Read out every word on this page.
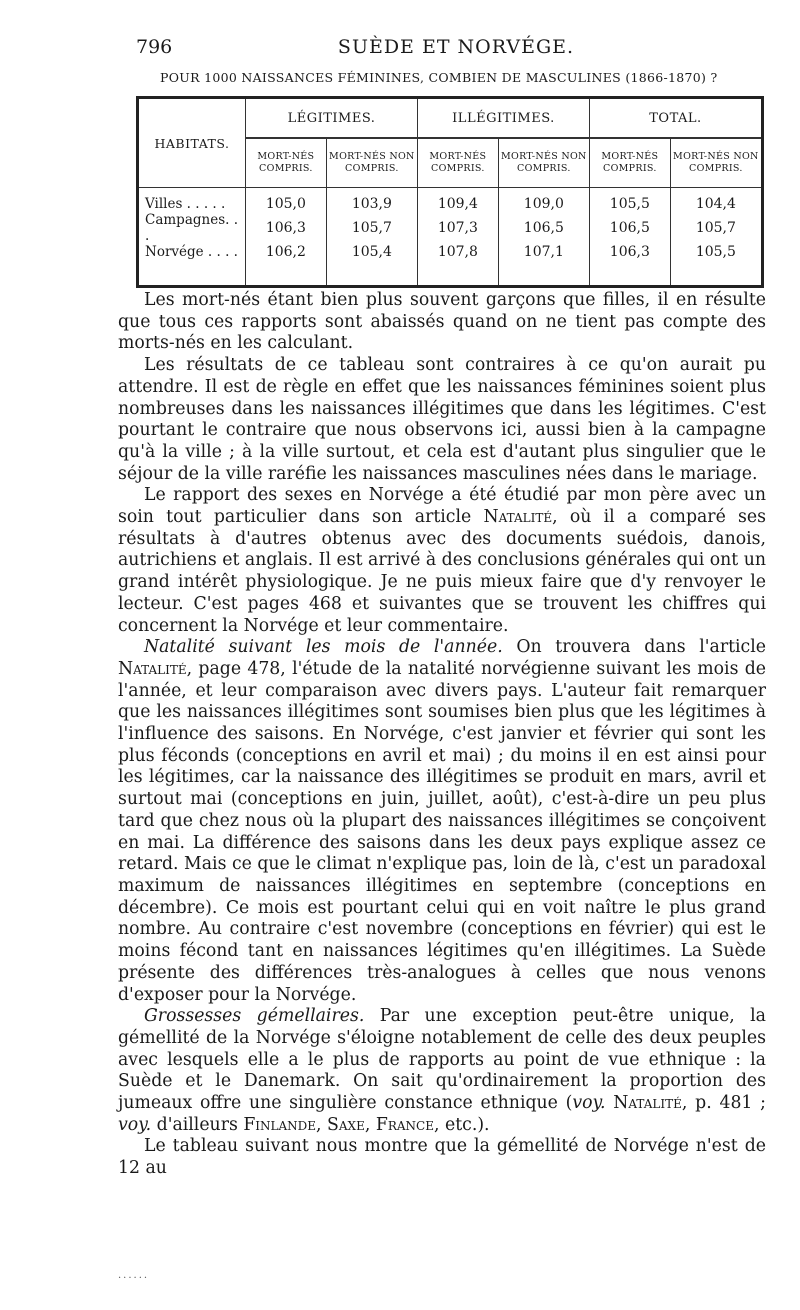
796	SUÈDE ET NORVÉGE.
POUR 1000 NAISSANCES FÉMININES, COMBIEN DE MASCULINES (1866-1870) ?
HABITATS.	LÉGITIMES.		ILLÉGITIMES.		TOTAL.	
	MORT-NÉS COMPRIS.	MORT-NÉS NON COMPRIS.	MORT-NÉS COMPRIS.	MORT-NÉS NON COMPRIS.	MORT-NÉS COMPRIS.	MORT-NÉS NON COMPRIS.

Villes . . . . .	105,0	103,9	109,4	109,0	105,5	104,4
Campagnes. . .	106,3	105,7	107,3	106,5	106,5	105,7
Norvége . . . .	106,2	105,4	107,8	107,1	106,3	105,5

Les mort-nés étant bien plus souvent garçons que filles, il en résulte que tous ces rapports sont abaissés quand on ne tient pas compte des morts-nés en les calculant.

Les résultats de ce tableau sont contraires à ce qu'on aurait pu attendre. Il est de règle en effet que les naissances féminines soient plus nombreuses dans les naissances illégitimes que dans les légitimes. C'est pourtant le contraire que nous observons ici, aussi bien à la campagne qu'à la ville ; à la ville surtout, et cela est d'autant plus singulier que le séjour de la ville raréfie les naissances masculines nées dans le mariage.

Le rapport des sexes en Norvége a été étudié par mon père avec un soin tout particulier dans son article Natalité, où il a comparé ses résultats à d'autres obtenus avec des documents suédois, danois, autrichiens et anglais. Il est arrivé à des conclusions générales qui ont un grand intérêt physiologique. Je ne puis mieux faire que d'y renvoyer le lecteur. C'est pages 468 et suivantes que se trouvent les chiffres qui concernent la Norvége et leur commentaire.

Natalité suivant les mois de l'année. On trouvera dans l'article Natalité, page 478, l'étude de la natalité norvégienne suivant les mois de l'année, et leur comparaison avec divers pays. L'auteur fait remarquer que les naissances illégitimes sont soumises bien plus que les légitimes à l'influence des saisons. En Norvége, c'est janvier et février qui sont les plus féconds (conceptions en avril et mai) ; du moins il en est ainsi pour les légitimes, car la naissance des illégitimes se produit en mars, avril et surtout mai (conceptions en juin, juillet, août), c'est-à-dire un peu plus tard que chez nous où la plupart des naissances illégitimes se conçoivent en mai. La différence des saisons dans les deux pays explique assez ce retard. Mais ce que le climat n'explique pas, loin de là, c'est un paradoxal maximum de naissances illégitimes en septembre (conceptions en décembre). Ce mois est pourtant celui qui en voit naître le plus grand nombre. Au contraire c'est novembre (conceptions en février) qui est le moins fécond tant en naissances légitimes qu'en illégitimes. La Suède présente des différences très-analogues à celles que nous venons d'exposer pour la Norvége.

Grossesses gémellaires. Par une exception peut-être unique, la gémellité de la Norvége s'éloigne notablement de celle des deux peuples avec lesquels elle a le plus de rapports au point de vue ethnique : la Suède et le Danemark. On sait qu'ordinairement la proportion des jumeaux offre une singulière constance ethnique (voy. Natalité, p. 481 ; voy. d'ailleurs Finlande, Saxe, France, etc.).

Le tableau suivant nous montre que la gémellité de Norvége n'est de 12 au

......
